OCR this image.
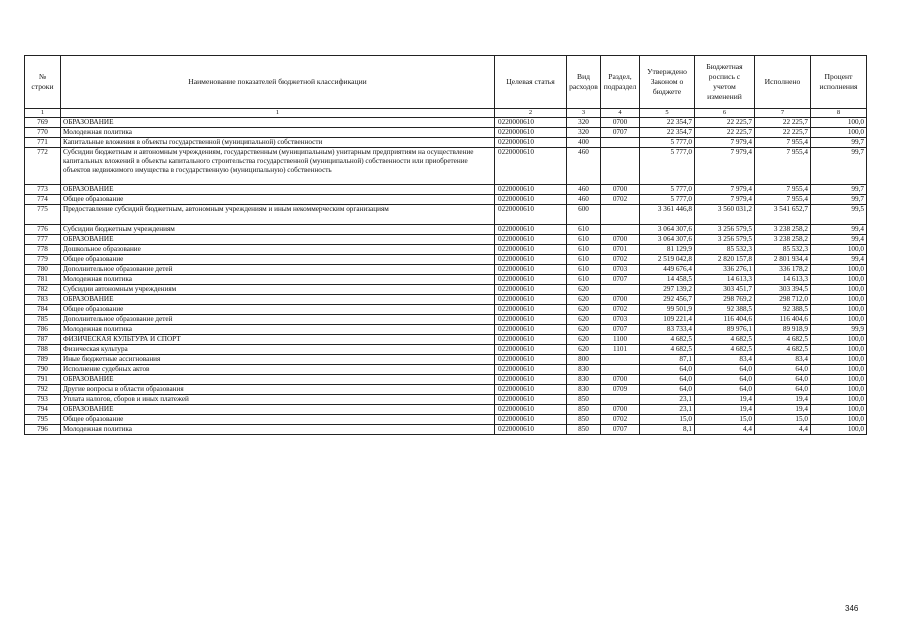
№ строки	Наименование показателей бюджетной классификации	Целевая статья	Вид расходов	Раздел, подраздел	Утверждено Законом о бюджете	Бюджетная роспись с учетом изменений	Исполнено	Процент исполнения
1	1	2	3	4	5	6	7	8
769	ОБРАЗОВАНИЕ	0220000610	320	0700	22 354,7	22 225,7	22 225,7	100,0
770	Молодежная политика	0220000610	320	0707	22 354,7	22 225,7	22 225,7	100,0
771	Капитальные вложения в объекты государственной (муниципальной) собственности	0220000610	400		5 777,0	7 979,4	7 955,4	99,7
772	Субсидии бюджетным и автономным учреждениям, государственным (муниципальным) унитарным предприятиям на осуществление капитальных вложений в объекты капитального строительства государственной (муниципальной) собственности или приобретение объектов недвижимого имущества в государственную (муниципальную) собственность	0220000610	460		5 777,0	7 979,4	7 955,4	99,7
773	ОБРАЗОВАНИЕ	0220000610	460	0700	5 777,0	7 979,4	7 955,4	99,7
774	Общее образование	0220000610	460	0702	5 777,0	7 979,4	7 955,4	99,7
775	Предоставление субсидий бюджетным, автономным учреждениям и иным некоммерческим организациям	0220000610	600		3 361 446,8	3 560 031,2	3 541 652,7	99,5
776	Субсидии бюджетным учреждениям	0220000610	610		3 064 307,6	3 256 579,5	3 238 258,2	99,4
777	ОБРАЗОВАНИЕ	0220000610	610	0700	3 064 307,6	3 256 579,5	3 238 258,2	99,4
778	Дошкольное образование	0220000610	610	0701	81 129,9	85 532,3	85 532,3	100,0
779	Общее образование	0220000610	610	0702	2 519 042,8	2 820 157,8	2 801 934,4	99,4
780	Дополнительное образование детей	0220000610	610	0703	449 676,4	336 276,1	336 178,2	100,0
781	Молодежная политика	0220000610	610	0707	14 458,5	14 613,3	14 613,3	100,0
782	Субсидии автономным учреждениям	0220000610	620		297 139,2	303 451,7	303 394,5	100,0
783	ОБРАЗОВАНИЕ	0220000610	620	0700	292 456,7	298 769,2	298 712,0	100,0
784	Общее образование	0220000610	620	0702	99 501,9	92 388,5	92 388,5	100,0
785	Дополнительное образование детей	0220000610	620	0703	109 221,4	116 404,6	116 404,6	100,0
786	Молодежная политика	0220000610	620	0707	83 733,4	89 976,1	89 918,9	99,9
787	ФИЗИЧЕСКАЯ КУЛЬТУРА И СПОРТ	0220000610	620	1100	4 682,5	4 682,5	4 682,5	100,0
788	Физическая культура	0220000610	620	1101	4 682,5	4 682,5	4 682,5	100,0
789	Иные бюджетные ассигнования	0220000610	800		87,1	83,4	83,4	100,0
790	Исполнение судебных актов	0220000610	830		64,0	64,0	64,0	100,0
791	ОБРАЗОВАНИЕ	0220000610	830	0700	64,0	64,0	64,0	100,0
792	Другие вопросы в области образования	0220000610	830	0709	64,0	64,0	64,0	100,0
793	Уплата налогов, сборов и иных платежей	0220000610	850		23,1	19,4	19,4	100,0
794	ОБРАЗОВАНИЕ	0220000610	850	0700	23,1	19,4	19,4	100,0
795	Общее образование	0220000610	850	0702	15,0	15,0	15,0	100,0
796	Молодежная политика	0220000610	850	0707	8,1	4,4	4,4	100,0
346
